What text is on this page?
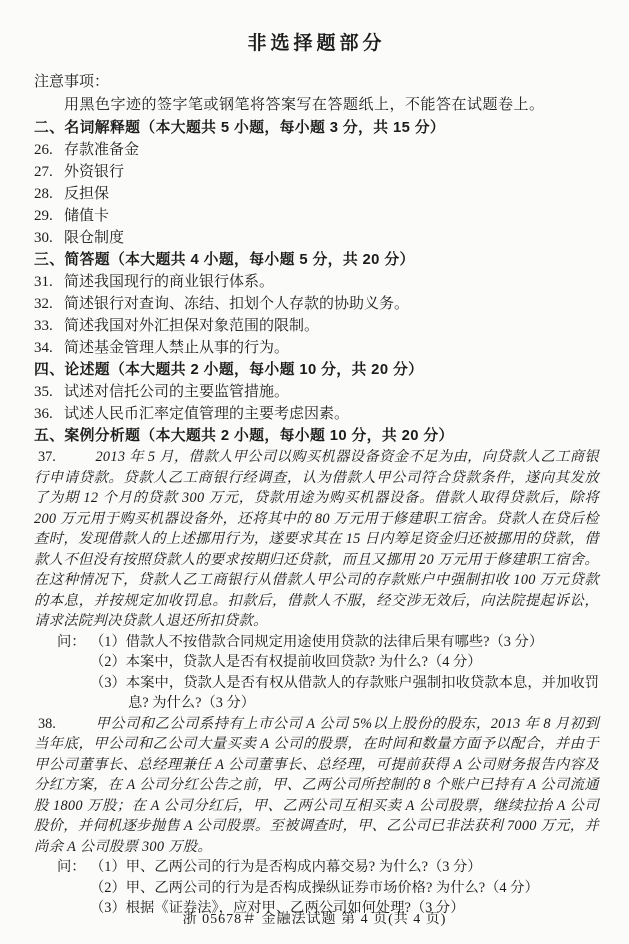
非选择题部分
注意事项：
用黑色字迹的签字笔或钢笔将答案写在答题纸上，不能答在试题卷上。
二、名词解释题（本大题共 5 小题，每小题 3 分，共 15 分）
26. 存款准备金
27. 外资银行
28. 反担保
29. 储值卡
30. 限仓制度
三、简答题（本大题共 4 小题，每小题 5 分，共 20 分）
31. 简述我国现行的商业银行体系。
32. 简述银行对查询、冻结、扣划个人存款的协助义务。
33. 简述我国对外汇担保对象范围的限制。
34. 简述基金管理人禁止从事的行为。
四、论述题（本大题共 2 小题，每小题 10 分，共 20 分）
35. 试述对信托公司的主要监管措施。
36. 试述人民币汇率定值管理的主要考虑因素。
五、案例分析题（本大题共 2 小题，每小题 10 分，共 20 分）
37.	2013 年 5 月，借款人甲公司以购买机器设备资金不足为由，向贷款人乙工商银行申请贷款。贷款人乙工商银行经调查，认为借款人甲公司符合贷款条件，遂向其发放了为期 12 个月的贷款 300 万元，贷款用途为购买机器设备。借款人取得贷款后，除将 200 万元用于购买机器设备外，还将其中的 80 万元用于修建职工宿舍。贷款人在贷后检查时，发现借款人的上述挪用行为，遂要求其在 15 日内筹足资金归还被挪用的贷款，借款人不但没有按照贷款人的要求按期归还贷款，而且又挪用 20 万元用于修建职工宿舍。在这种情况下，贷款人乙工商银行从借款人甲公司的存款账户中强制扣收 100 万元贷款的本息，并按规定加收罚息。扣款后，借款人不服，经交涉无效后，向法院提起诉讼，请求法院判决贷款人退还所扣贷款。
问： （1）借款人不按借款合同规定用途使用贷款的法律后果有哪些?（3 分）
（2）本案中，贷款人是否有权提前收回贷款? 为什么?（4 分）
（3）本案中，贷款人是否有权从借款人的存款账户强制扣收贷款本息，并加收罚息? 为什么?（3 分）
38.	甲公司和乙公司系持有上市公司 A 公司 5%以上股份的股东，2013 年 8 月初到当年底，甲公司和乙公司大量买卖 A 公司的股票，在时间和数量方面予以配合，并由于甲公司董事长、总经理兼任 A 公司董事长、总经理，可提前获得 A 公司财务报告内容及分红方案，在 A 公司分红公告之前，甲、乙两公司所控制的 8 个账户已持有 A 公司流通股 1800 万股；在 A 公司分红后，甲、乙两公司互相买卖 A 公司股票，继续拉抬 A 公司股价，并伺机逐步抛售 A 公司股票。至被调查时，甲、乙公司已非法获利 7000 万元，并尚余 A 公司股票 300 万股。
问： （1）甲、乙两公司的行为是否构成内幕交易? 为什么?（3 分）
（2）甲、乙两公司的行为是否构成操纵证券市场价格? 为什么?（4 分）
（3）根据《证券法》，应对甲、乙两公司如何处理?（3 分）
浙 05678＃ 金融法试题 第 4 页(共 4 页)
